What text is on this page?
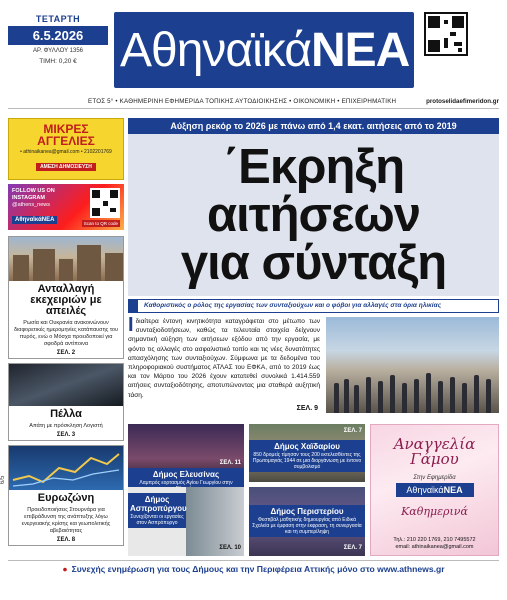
ΤΕΤΑΡΤΗ
6.5.2026
ΑΡ. ΦΥΛΛΟΥ 1356
ΤΙΜΗ: 0,20 € Αθηναϊκά ΝΕΑ
ΕΤΟΣ 5° • ΚΑΘΗΜΕΡΙΝΗ ΕΦΗΜΕΡΙΔΑ ΤΟΠΙΚΗΣ ΑΥΤΟΔΙΟΙΚΗΣΗΣ • ΟΙΚΟΝΟΜΙΚΗ • ΕΠΙΧΕΙΡΗΜΑΤΙΚΗ	protoselidaefimeridon.gr
ΜΙΚΡΕΣ
ΑΓΓΕΛΙΕΣ
• athinaikanea@gmail.com • 2102201769
ΑΜΕΣΗ ΔΗΜΟΣΙΕΥΣΗ
FOLLOW US ON INSTAGRAM
@athens_news
ΑθηναϊκάΝΕΑ
Scan to QR code
Ανταλλαγή εκεχειριών με απειλές
Ρωσία και Ουκρανία ανακοινώνουν διαφορετικές ημερομηνίες κατάπαυσης του πυρός, ενώ ο Μόσχα προειδοποιεί για σφοδρά αντίποινα
ΣΕΛ. 2
Πέλλα
Απάτη με πρόσκληση Λογιστή
ΣΕΛ. 3
Ευρωζώνη
Προειδοποιήσεις Στουρνάρα για επιβράδυνση της ανάπτυξης λόγω ενεργειακής κρίσης και γεωπολιτικής αβεβαιότητας
ΣΕΛ. 8
Αύξηση ρεκόρ το 2026 με πάνω από 1,4 εκατ. αιτήσεις από το 2019
΄Εκρηξη
αιτήσεων
για σύνταξη
Καθοριστικός ο ρόλος της εργασίας των συνταξιούχων και ο φόβοι για αλλαγές στα όρια ηλικίας
Ιδιαίτερα έντονη κινητικότητα καταγράφεται στο μέτωπο των συνταξιοδοτήσεων, καθώς τα τελευταία στοιχεία δείχνουν σημαντική αύξηση των αιτήσεων εξόδου από την εργασία, με φόντο τις αλλαγές στο ασφαλιστικό τοπίο και τις νέες δυνατότητες απασχόλησης των συνταξιούχων. Σύμφωνα με τα δεδομένα του πληροφοριακού συστήματος ΑΤΛΑΣ του ΕΦΚΑ, από το 2019 έως και τον Μάρτιο του 2026 έχουν κατατεθεί συνολικά 1.414.559 αιτήσεις συνταξιοδότησης, αποτυπώνοντας μια σταθερά αυξητική τάση.
ΣΕΛ. 9
ΣΕΛ. 11
Δήμος Ελευσίνας
Λαμπρός εορτασμός Αγίου Γεωργίου στην
ΣΕΛ. 7
Δήμος Χαϊδαρίου
850 δρομείς τίμησαν τους 200 εκτελεσθέντες της Πρωτομαγιάς 1944 σε μια διοργάνωση με έντονο συμβολισμό
Δήμος Ασπροπύργου
Συνεχίζονται οι εργασίες στον Ασπρόπυργο
ΣΕΛ. 10
Δήμος Περιστερίου
Φεστιβάλ μαθητικής δημιουργίας από Ειδικά Σχολεία με έμφαση στην έκφραση, τη συνεργασία και τη συμπερίληψη
ΣΕΛ. 7
Αναγγελία
Γάμου
Στην Εφημερίδα
ΑθηναϊκάΝΕΑ
Καθημερινά
Τηλ.: 210 220 1769, 210 7495572
email: athinaikanea@gmail.com
● Συνεχής ενημέρωση για τους Δήμους και την Περιφέρεια Αττικής μόνο στο www.athnews.gr
6/5
